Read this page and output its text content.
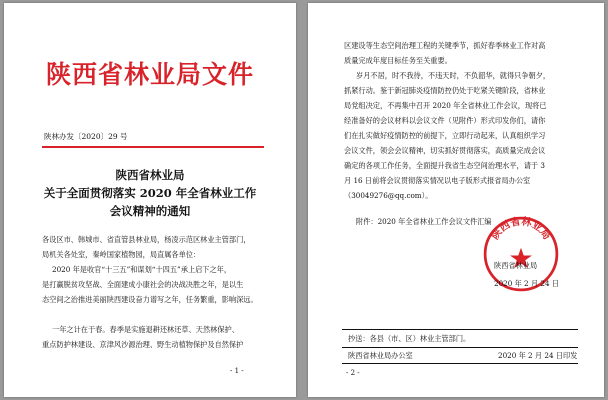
陕西省林业局文件
陕林办发〔2020〕29 号
陕西省林业局
关于全面贯彻落实 2020 年全省林业工作
会议精神的通知
各设区市、韩城市、省直管县林业局，杨凌示范区林业主管部门，
局机关各处室，秦岭国家植物园，局直属各单位：
2020 年是收官“十三五”和谋划“十四五”承上启下之年，
是打赢脱贫攻坚战、全面建成小康社会的决战决胜之年，是以生
态空间之治推进美丽陕西建设奋力谱写之年，任务繁重，影响深远。
一年之计在于春。春季是实施退耕还林还草、天然林保护、
重点防护林建设、京津风沙源治理、野生动植物保护及自然保护
- 1 -
区建设等生态空间治理工程的关键季节，抓好春季林业工作对高
质量完成年度目标任务至关重要。
岁月不居，时不我待，不违天时，不负韶华，就得只争朝夕，
抓紧行动。鉴于新冠肺炎疫情防控仍处于吃紧关键阶段，省林业
局党组决定，不再集中召开 2020 年全省林业工作会议，现将已
经准备好的会议材料以会议文件（见附件）形式印发你们，请你
们在扎实做好疫情防控的前提下，立即行动起来，认真组织学习
会议文件，领会会议精神，切实抓好贯彻落实，高质量完成会议
确定的各项工作任务，全面提升我省生态空间治理水平，请于 3
月 16 日前将会议贯彻落实情况以电子版形式报省局办公室
（30049276@qq.com）。
附件：2020 年全省林业工作会议文件汇编
陕西省林业局
陕西省林业局
2020 年 2 月 24 日
抄送：各县（市、区）林业主管部门。
陕西省林业局办公室	2020 年 2 月 24 日印发
- 2 -
